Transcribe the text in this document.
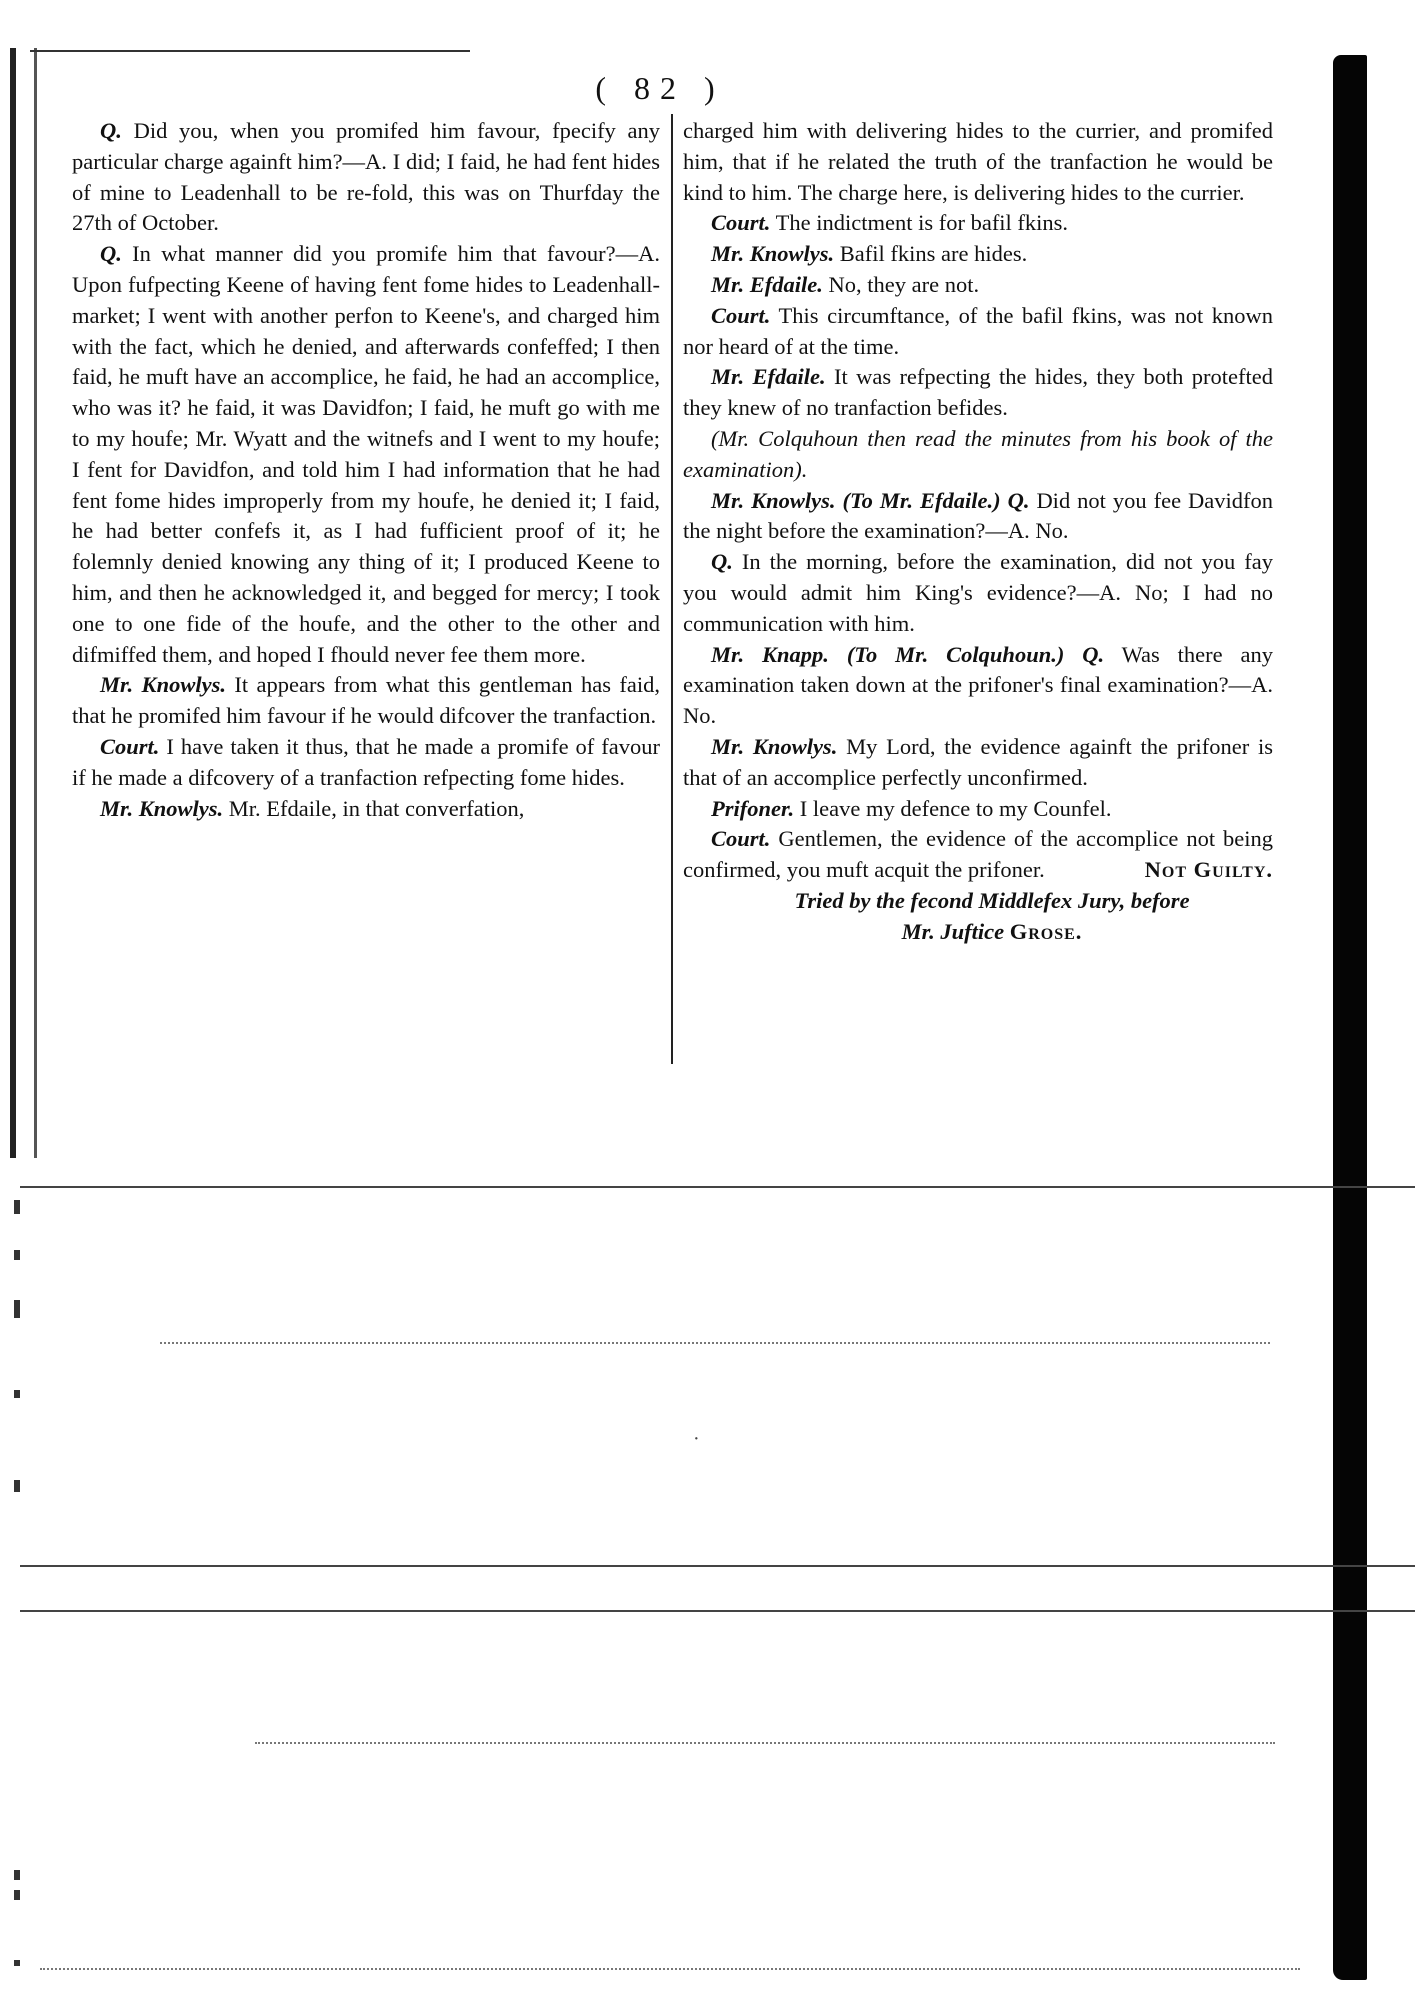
( 82 )

Q. Did you, when you promifed him favour, fpecify any particular charge againft him?—A. I did; I faid, he had fent hides of mine to Leadenhall to be re-fold, this was on Thurfday the 27th of October.

Q. In what manner did you promife him that favour?—A. Upon fufpecting Keene of having fent fome hides to Leadenhall-market; I went with another perfon to Keene's, and charged him with the fact, which he denied, and afterwards confeffed; I then faid, he muft have an accomplice, he faid, he had an accomplice, who was it? he faid, it was Davidfon; I faid, he muft go with me to my houfe; Mr. Wyatt and the witnefs and I went to my houfe; I fent for Davidfon, and told him I had information that he had fent fome hides improperly from my houfe, he denied it; I faid, he had better confefs it, as I had fufficient proof of it; he folemnly denied knowing any thing of it; I produced Keene to him, and then he acknowledged it, and begged for mercy; I took one to one fide of the houfe, and the other to the other and difmiffed them, and hoped I fhould never fee them more.

Mr. Knowlys. It appears from what this gentleman has faid, that he promifed him favour if he would difcover the tranfaction.

Court. I have taken it thus, that he made a promife of favour if he made a difcovery of a tranfaction refpecting fome hides.

Mr. Knowlys. Mr. Efdaile, in that converfation,

charged him with delivering hides to the currier, and promifed him, that if he related the truth of the tranfaction he would be kind to him. The charge here, is delivering hides to the currier.

Court. The indictment is for bafil fkins.

Mr. Knowlys. Bafil fkins are hides.

Mr. Efdaile. No, they are not.

Court. This circumftance, of the bafil fkins, was not known nor heard of at the time.

Mr. Efdaile. It was refpecting the hides, they both protefted they knew of no tranfaction befides.

(Mr. Colquhoun then read the minutes from his book of the examination).

Mr. Knowlys. (To Mr. Efdaile.) Q. Did not you fee Davidfon the night before the examination?—A. No.

Q. In the morning, before the examination, did not you fay you would admit him King's evidence?—A. No; I had no communication with him.

Mr. Knapp. (To Mr. Colquhoun.) Q. Was there any examination taken down at the prifoner's final examination?—A. No.

Mr. Knowlys. My Lord, the evidence againft the prifoner is that of an accomplice perfectly unconfirmed.

Prifoner. I leave my defence to my Counfel.

Court. Gentlemen, the evidence of the accomplice not being confirmed, you muft acquit the prifoner.	Not Guilty.

Tried by the fecond Middlefex Jury, before

Mr. Juftice Grose.

·
